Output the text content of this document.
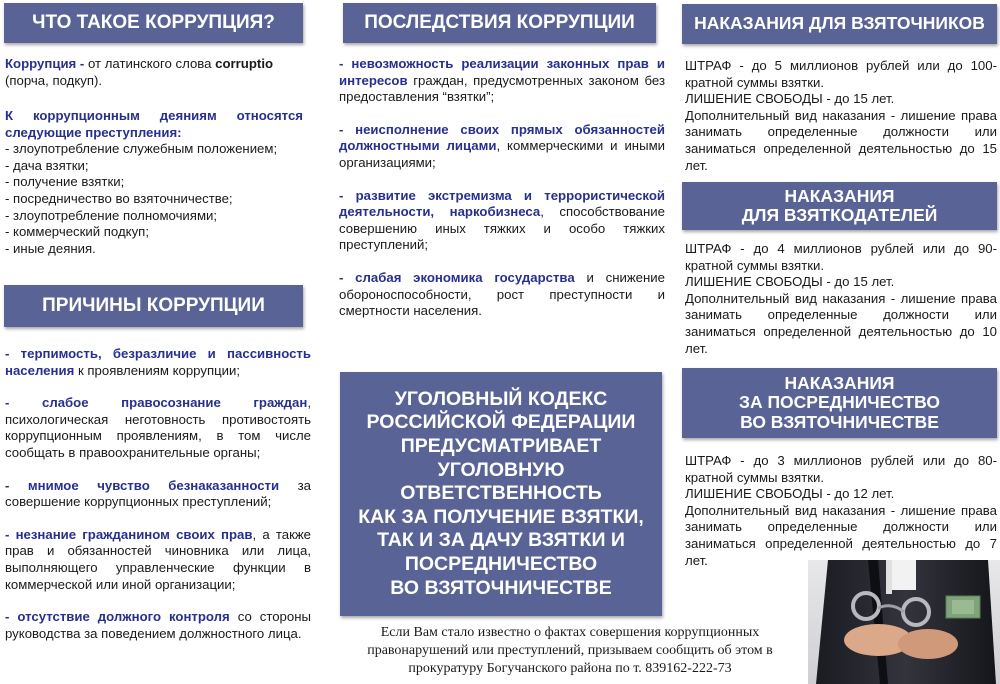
ЧТО ТАКОЕ КОРРУПЦИЯ?

Коррупция - от латинского слова corruptio

(порча, подкуп).

К коррупционным деяниям относятся следующие преступления:

- злоупотребление служебным положением;

- дача взятки;

- получение взятки;

- посредничество во взяточничестве;

- злоупотребление полномочиями;

- коммерческий подкуп;

- иные деяния.

ПРИЧИНЫ КОРРУПЦИИ

- терпимость, безразличие и пассивность населения к проявлениям коррупции;

- слабое правосознание граждан, психологическая неготовность противостоять коррупционным проявлениям, в том числе сообщать в правоохранительные органы;

- мнимое чувство безнаказанности за совершение коррупционных преступлений;

- незнание гражданином своих прав, а также прав и обязанностей чиновника или лица, выполняющего управленческие функции в коммерческой или иной организации;

- отсутствие должного контроля со стороны руководства за поведением должностного лица.

ПОСЛЕДСТВИЯ КОРРУПЦИИ

- невозможность реализации законных прав и интересов граждан, предусмотренных законом без предоставления “взятки”;

- неисполнение своих прямых обязанностей должностными лицами, коммерческими и иными организациями;

- развитие экстремизма и террористической деятельности, наркобизнеса, способствование совершению иных тяжких и особо тяжких преступлений;

- слабая экономика государства и снижение обороноспособности, рост преступности и смертности населения.

УГОЛОВНЫЙ КОДЕКС
РОССИЙСКОЙ ФЕДЕРАЦИИ
ПРЕДУСМАТРИВАЕТ
УГОЛОВНУЮ
ОТВЕТСТВЕННОСТЬ
КАК ЗА ПОЛУЧЕНИЕ ВЗЯТКИ,
ТАК И ЗА ДАЧУ ВЗЯТКИ И
ПОСРЕДНИЧЕСТВО
ВО ВЗЯТОЧНИЧЕСТВЕ
Если Вам стало известно о фактах совершения коррупционных
правонарушений или преступлений, призываем сообщить об этом в
прокуратуру Богучанского района по т. 839162-222-73
НАКАЗАНИЯ ДЛЯ ВЗЯТОЧНИКОВ

ШТРАФ - до 5 миллионов рублей или до 100-кратной суммы взятки.

ЛИШЕНИЕ СВОБОДЫ - до 15 лет.

Дополнительный вид наказания - лишение права занимать определенные должности или заниматься определенной деятельностью до 15 лет.

НАКАЗАНИЯ
ДЛЯ ВЗЯТКОДАТЕЛЕЙ

ШТРАФ - до 4 миллионов рублей или до 90-кратной суммы взятки.

ЛИШЕНИЕ СВОБОДЫ - до 15 лет.

Дополнительный вид наказания - лишение права занимать определенные должности или заниматься определенной деятельностью до 10 лет.

НАКАЗАНИЯ
ЗА ПОСРЕДНИЧЕСТВО
ВО ВЗЯТОЧНИЧЕСТВЕ

ШТРАФ - до 3 миллионов рублей или до 80-кратной суммы взятки.

ЛИШЕНИЕ СВОБОДЫ - до 12 лет.

Дополнительный вид наказания - лишение права занимать определенные должности или заниматься определенной деятельностью до 7 лет.
